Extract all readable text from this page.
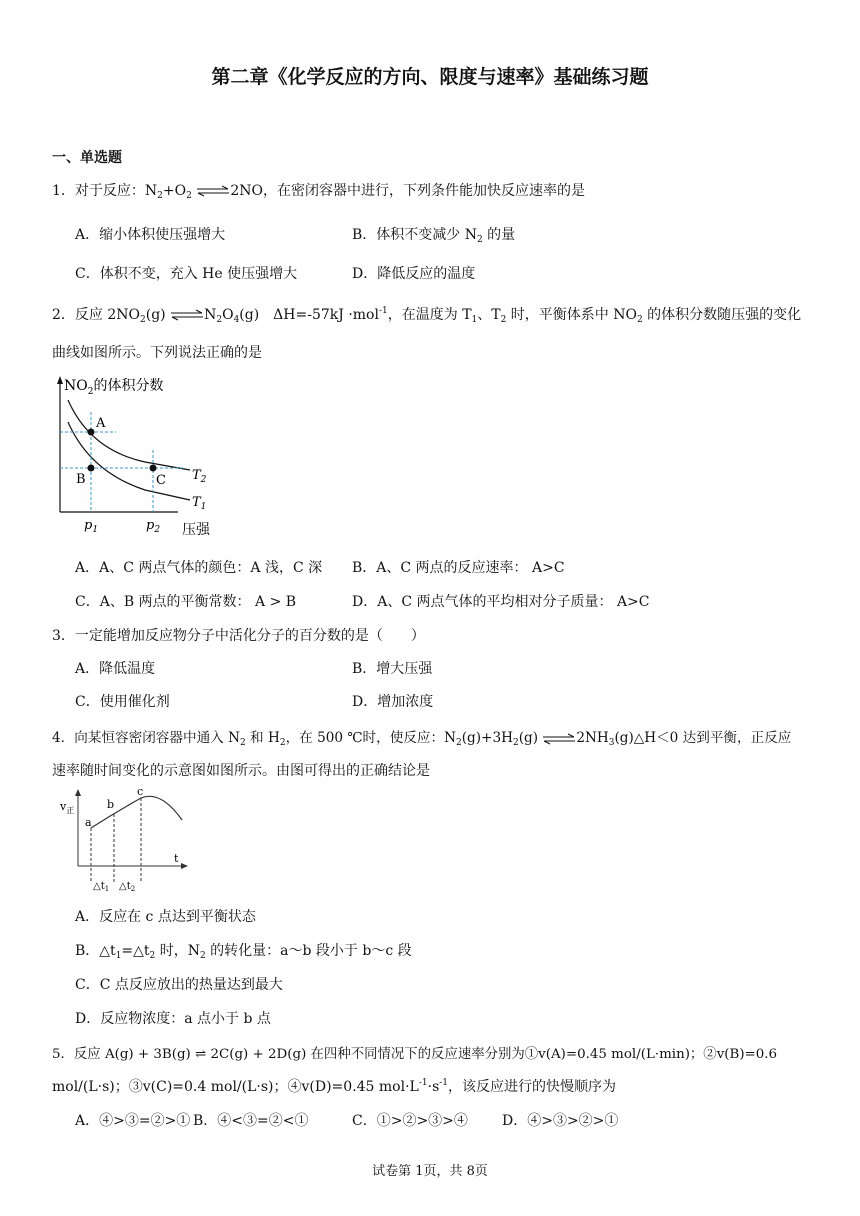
第二章《化学反应的方向、限度与速率》基础练习题
一、单选题
1．对于反应：$N_2+O_2$ ⇌2NO，在密闭容器中进行，下列条件能加快反应速率的是
A．缩小体积使压强增大	B．体积不变减少 $N_2$ 的量
C．体积不变，充入 He 使压强增大	D．降低反应的温度
2．反应 $2NO_2(g)$ $\rightleftharpoons N_2O_4(g)$　ΔH=-57kJ ·mol$^{-1}$，在温度为 $T_1$、$T_2$ 时，平衡体系中 $NO_2$ 的体积分数随压强的变化
曲线如图所示。下列说法正确的是
$NO_2$的体积分数
A
B	C $T_2$
$T_1$
$p_1$	$p_2$ 压强
A．A、C 两点气体的颜色：A 浅，C 深 B．A、C 两点的反应速率： A>C
C．A、B 两点的平衡常数： A > B	D．A、C 两点气体的平均相对分子质量： A>C
3．一定能增加反应物分子中活化分子的百分数的是（　　）
A．降低温度	B．增大压强
C．使用催化剂	D．增加浓度
4．向某恒容密闭容器中通入 $N_2$ 和 $H_2$，在 500 ℃时，使反应：$N_2(g)+3H_2(g)$ $\rightleftharpoons 2NH_3(g)\triangle H<0$ 达到平衡，正反应
速率随时间变化的示意图如图所示。由图可得出的正确结论是
$v_正$
t
a
b
c
$\triangle t_1$ $\triangle t_2$
A．反应在 c 点达到平衡状态
B．$\triangle t_1=\triangle t_2$ 时，$N_2$ 的转化量：a～b 段小于 b～c 段
C．C 点反应放出的热量达到最大
D．反应物浓度：a 点小于 b 点
5．反应 A(g) + 3B(g) ⇌ 2C(g) + 2D(g) 在四种不同情况下的反应速率分别为①v(A)=0.45 mol/(L·min)；②v(B)=0.6
mol/(L·s)；③v(C)=0.4 mol/(L·s)；④v(D)=0.45 $mol\cdot L^{-1}\cdot s^{-1}$，该反应进行的快慢顺序为
A．④>③=②>① B．④<③=②<①	C．①>②>③>④ D．④>③>②>①
试卷第 1页，共 8页
